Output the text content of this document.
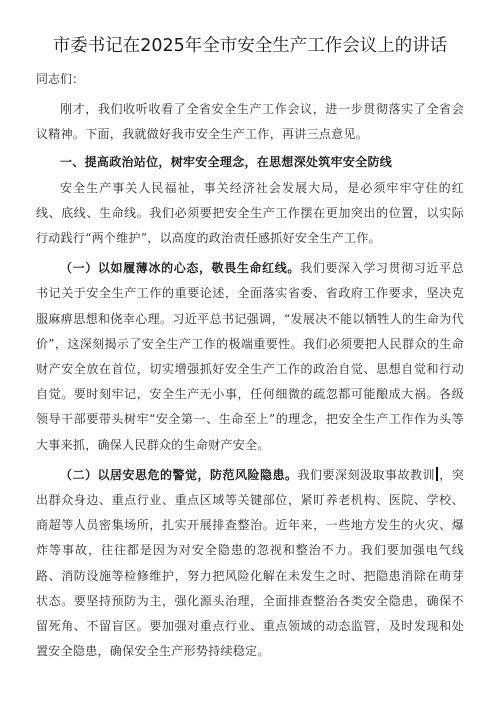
市委书记在2025年全市安全生产工作会议上的讲话

同志们：

刚才，我们收听收看了全省安全生产工作会议，进一步贯彻落实了全省会议精神。下面，我就做好我市安全生产工作，再讲三点意见。

一、提高政治站位，树牢安全理念，在思想深处筑牢安全防线

安全生产事关人民福祉，事关经济社会发展大局，是必须牢牢守住的红线、底线、生命线。我们必须要把安全生产工作摆在更加突出的位置，以实际行动践行“两个维护”，以高度的政治责任感抓好安全生产工作。

（一）以如履薄冰的心态，敬畏生命红线。我们要深入学习贯彻习近平总书记关于安全生产工作的重要论述，全面落实省委、省政府工作要求，坚决克服麻痹思想和侥幸心理。习近平总书记强调，“发展决不能以牺牲人的生命为代价”，这深刻揭示了安全生产工作的极端重要性。我们必须要把人民群众的生命财产安全放在首位，切实增强抓好安全生产工作的政治自觉、思想自觉和行动自觉。要时刻牢记，安全生产无小事，任何细微的疏忽都可能酿成大祸。各级领导干部要带头树牢“安全第一、生命至上”的理念，把安全生产工作作为头等大事来抓，确保人民群众的生命财产安全。

（二）以居安思危的警觉，防范风险隐患。我们要深刻汲取事故教训 ，突出群众身边、重点行业、重点区域等关键部位，紧盯养老机构、医院、学校、商超等人员密集场所，扎实开展排查整治。近年来，一些地方发生的火灾、爆炸等事故，往往都是因为对安全隐患的忽视和整治不力。我们要加强电气线路、消防设施等检修维护，努力把风险化解在未发生之时、把隐患消除在萌芽状态。要坚持预防为主，强化源头治理，全面排查整治各类安全隐患，确保不留死角、不留盲区。要加强对重点行业、重点领域的动态监管，及时发现和处置安全隐患，确保安全生产形势持续稳定。
